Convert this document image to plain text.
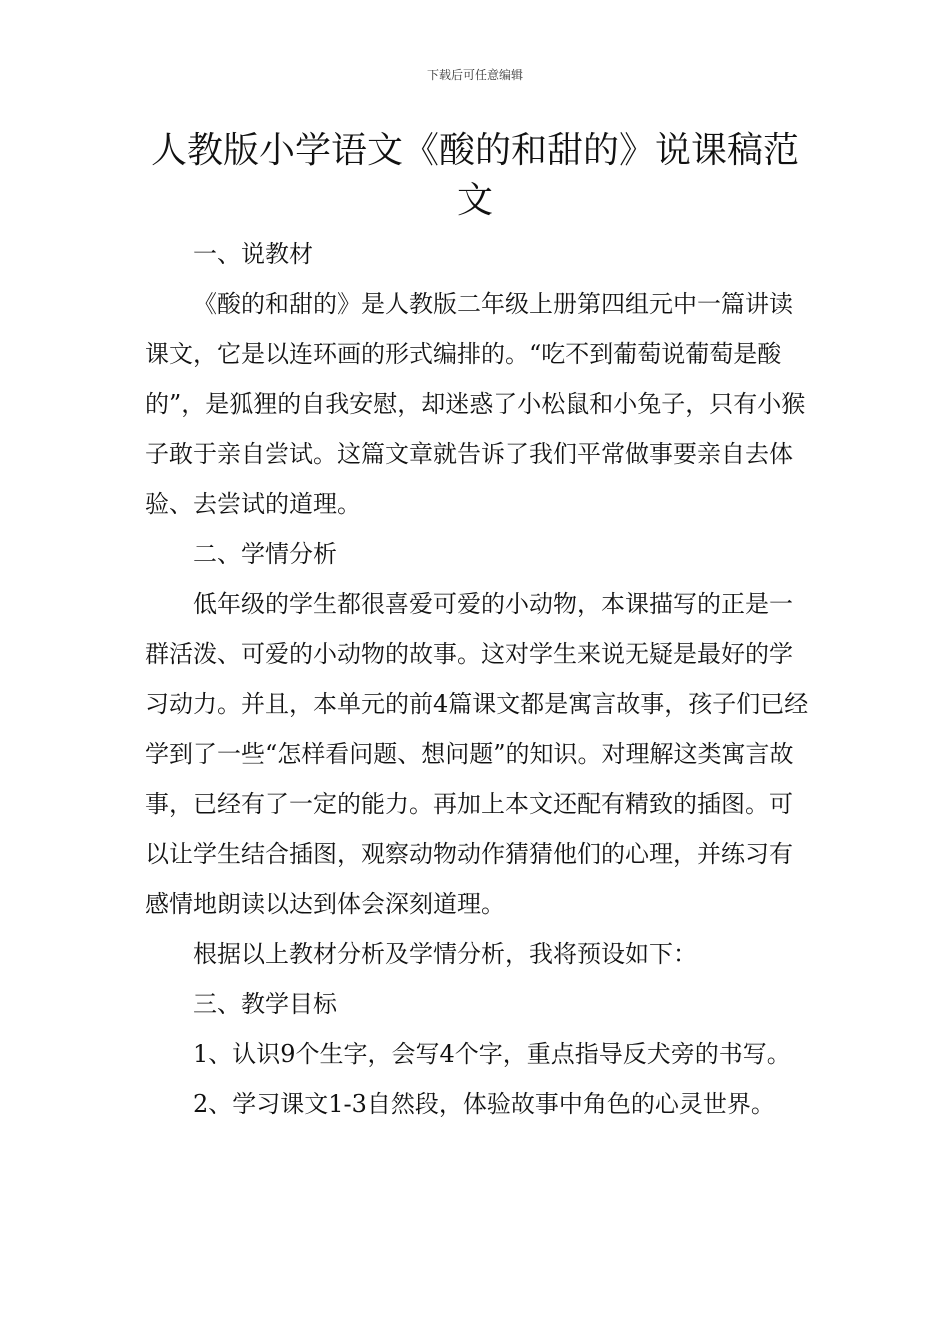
下载后可任意编辑
人教版小学语文《酸的和甜的》说课稿范文

一、说教材

《酸的和甜的》是人教版二年级上册第四组元中一篇讲读课文，它是以连环画的形式编排的。“吃不到葡萄说葡萄是酸的”，是狐狸的自我安慰，却迷惑了小松鼠和小兔子，只有小猴子敢于亲自尝试。这篇文章就告诉了我们平常做事要亲自去体验、去尝试的道理。

二、学情分析

低年级的学生都很喜爱可爱的小动物，本课描写的正是一群活泼、可爱的小动物的故事。这对学生来说无疑是最好的学习动力。并且，本单元的前4篇课文都是寓言故事，孩子们已经学到了一些“怎样看问题、想问题”的知识。对理解这类寓言故事，已经有了一定的能力。再加上本文还配有精致的插图。可以让学生结合插图，观察动物动作猜猜他们的心理，并练习有感情地朗读以达到体会深刻道理。

根据以上教材分析及学情分析，我将预设如下：

三、教学目标

1、认识9个生字，会写4个字，重点指导反犬旁的书写。

2、学习课文1-3自然段，体验故事中角色的心灵世界。
